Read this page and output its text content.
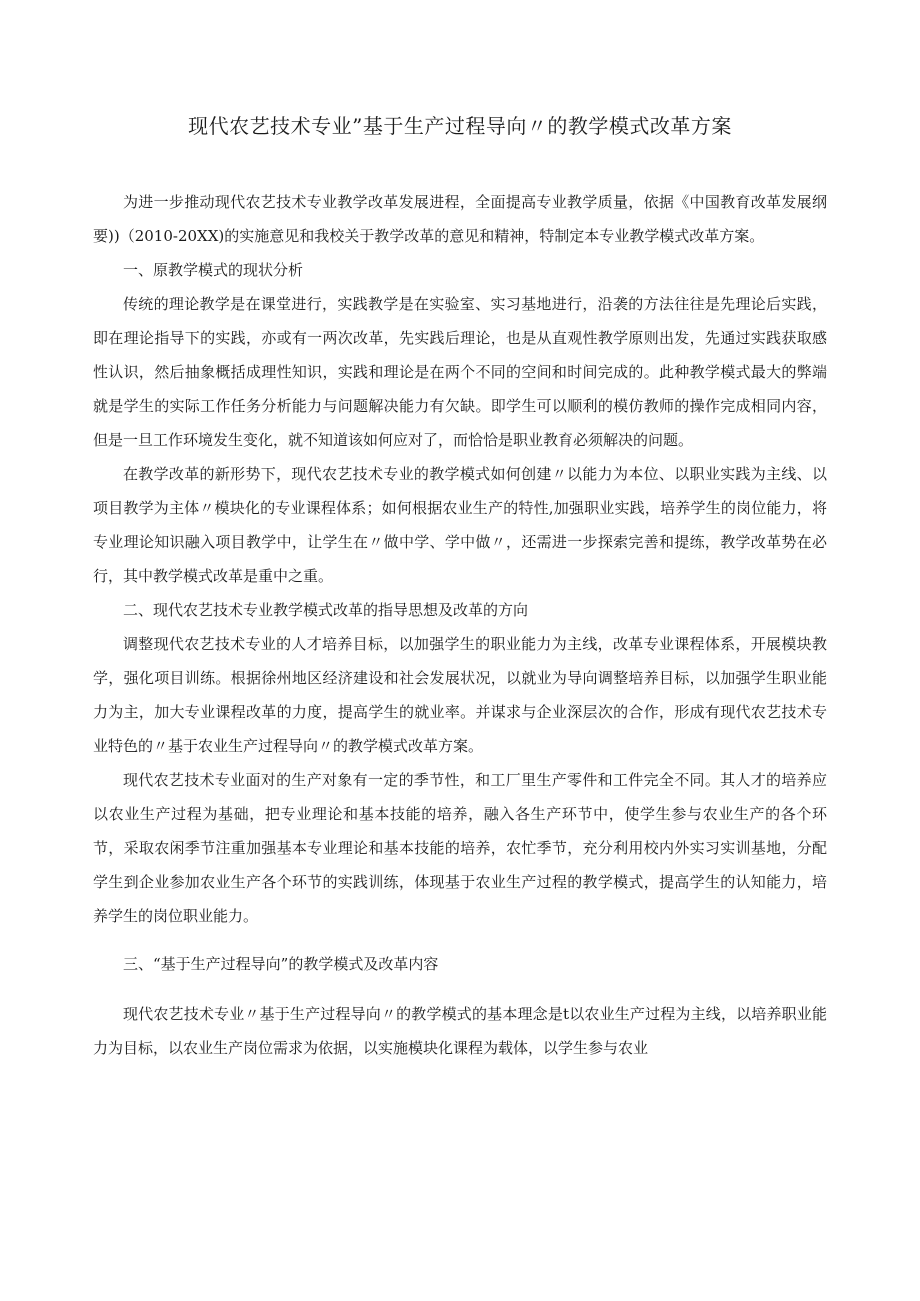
现代农艺技术专业”基于生产过程导向〃的教学模式改革方案

为进一步推动现代农艺技术专业教学改革发展进程，全面提高专业教学质量，依据《中国教育改革发展纲要))（2010-20XX)的实施意见和我校关于教学改革的意见和精神，特制定本专业教学模式改革方案。

一、原教学模式的现状分析

传统的理论教学是在课堂进行，实践教学是在实验室、实习基地进行，沿袭的方法往往是先理论后实践，即在理论指导下的实践，亦或有一两次改革，先实践后理论，也是从直观性教学原则出发，先通过实践获取感性认识，然后抽象概括成理性知识，实践和理论是在两个不同的空间和时间完成的。此种教学模式最大的弊端就是学生的实际工作任务分析能力与问题解决能力有欠缺。即学生可以顺利的模仿教师的操作完成相同内容，但是一旦工作环境发生变化，就不知道该如何应对了，而恰恰是职业教育必须解决的问题。

在教学改革的新形势下，现代农艺技术专业的教学模式如何创建〃以能力为本位、以职业实践为主线、以项目教学为主体〃模块化的专业课程体系；如何根据农业生产的特性,加强职业实践，培养学生的岗位能力，将专业理论知识融入项目教学中，让学生在〃做中学、学中做〃，还需进一步探索完善和提练，教学改革势在必行，其中教学模式改革是重中之重。

二、现代农艺技术专业教学模式改革的指导思想及改革的方向

调整现代农艺技术专业的人才培养目标，以加强学生的职业能力为主线，改革专业课程体系，开展模块教学，强化项目训练。根据徐州地区经济建设和社会发展状况，以就业为导向调整培养目标，以加强学生职业能力为主，加大专业课程改革的力度，提高学生的就业率。并谋求与企业深层次的合作，形成有现代农艺技术专业特色的〃基于农业生产过程导向〃的教学模式改革方案。

现代农艺技术专业面对的生产对象有一定的季节性，和工厂里生产零件和工件完全不同。其人才的培养应以农业生产过程为基础，把专业理论和基本技能的培养，融入各生产环节中，使学生参与农业生产的各个环节，采取农闲季节注重加强基本专业理论和基本技能的培养，农忙季节，充分利用校内外实习实训基地，分配学生到企业参加农业生产各个环节的实践训练，体现基于农业生产过程的教学模式，提高学生的认知能力，培养学生的岗位职业能力。

三、“基于生产过程导向”的教学模式及改革内容

现代农艺技术专业〃基于生产过程导向〃的教学模式的基本理念是t以农业生产过程为主线，以培养职业能力为目标，以农业生产岗位需求为依据，以实施模块化课程为载体，以学生参与农业
